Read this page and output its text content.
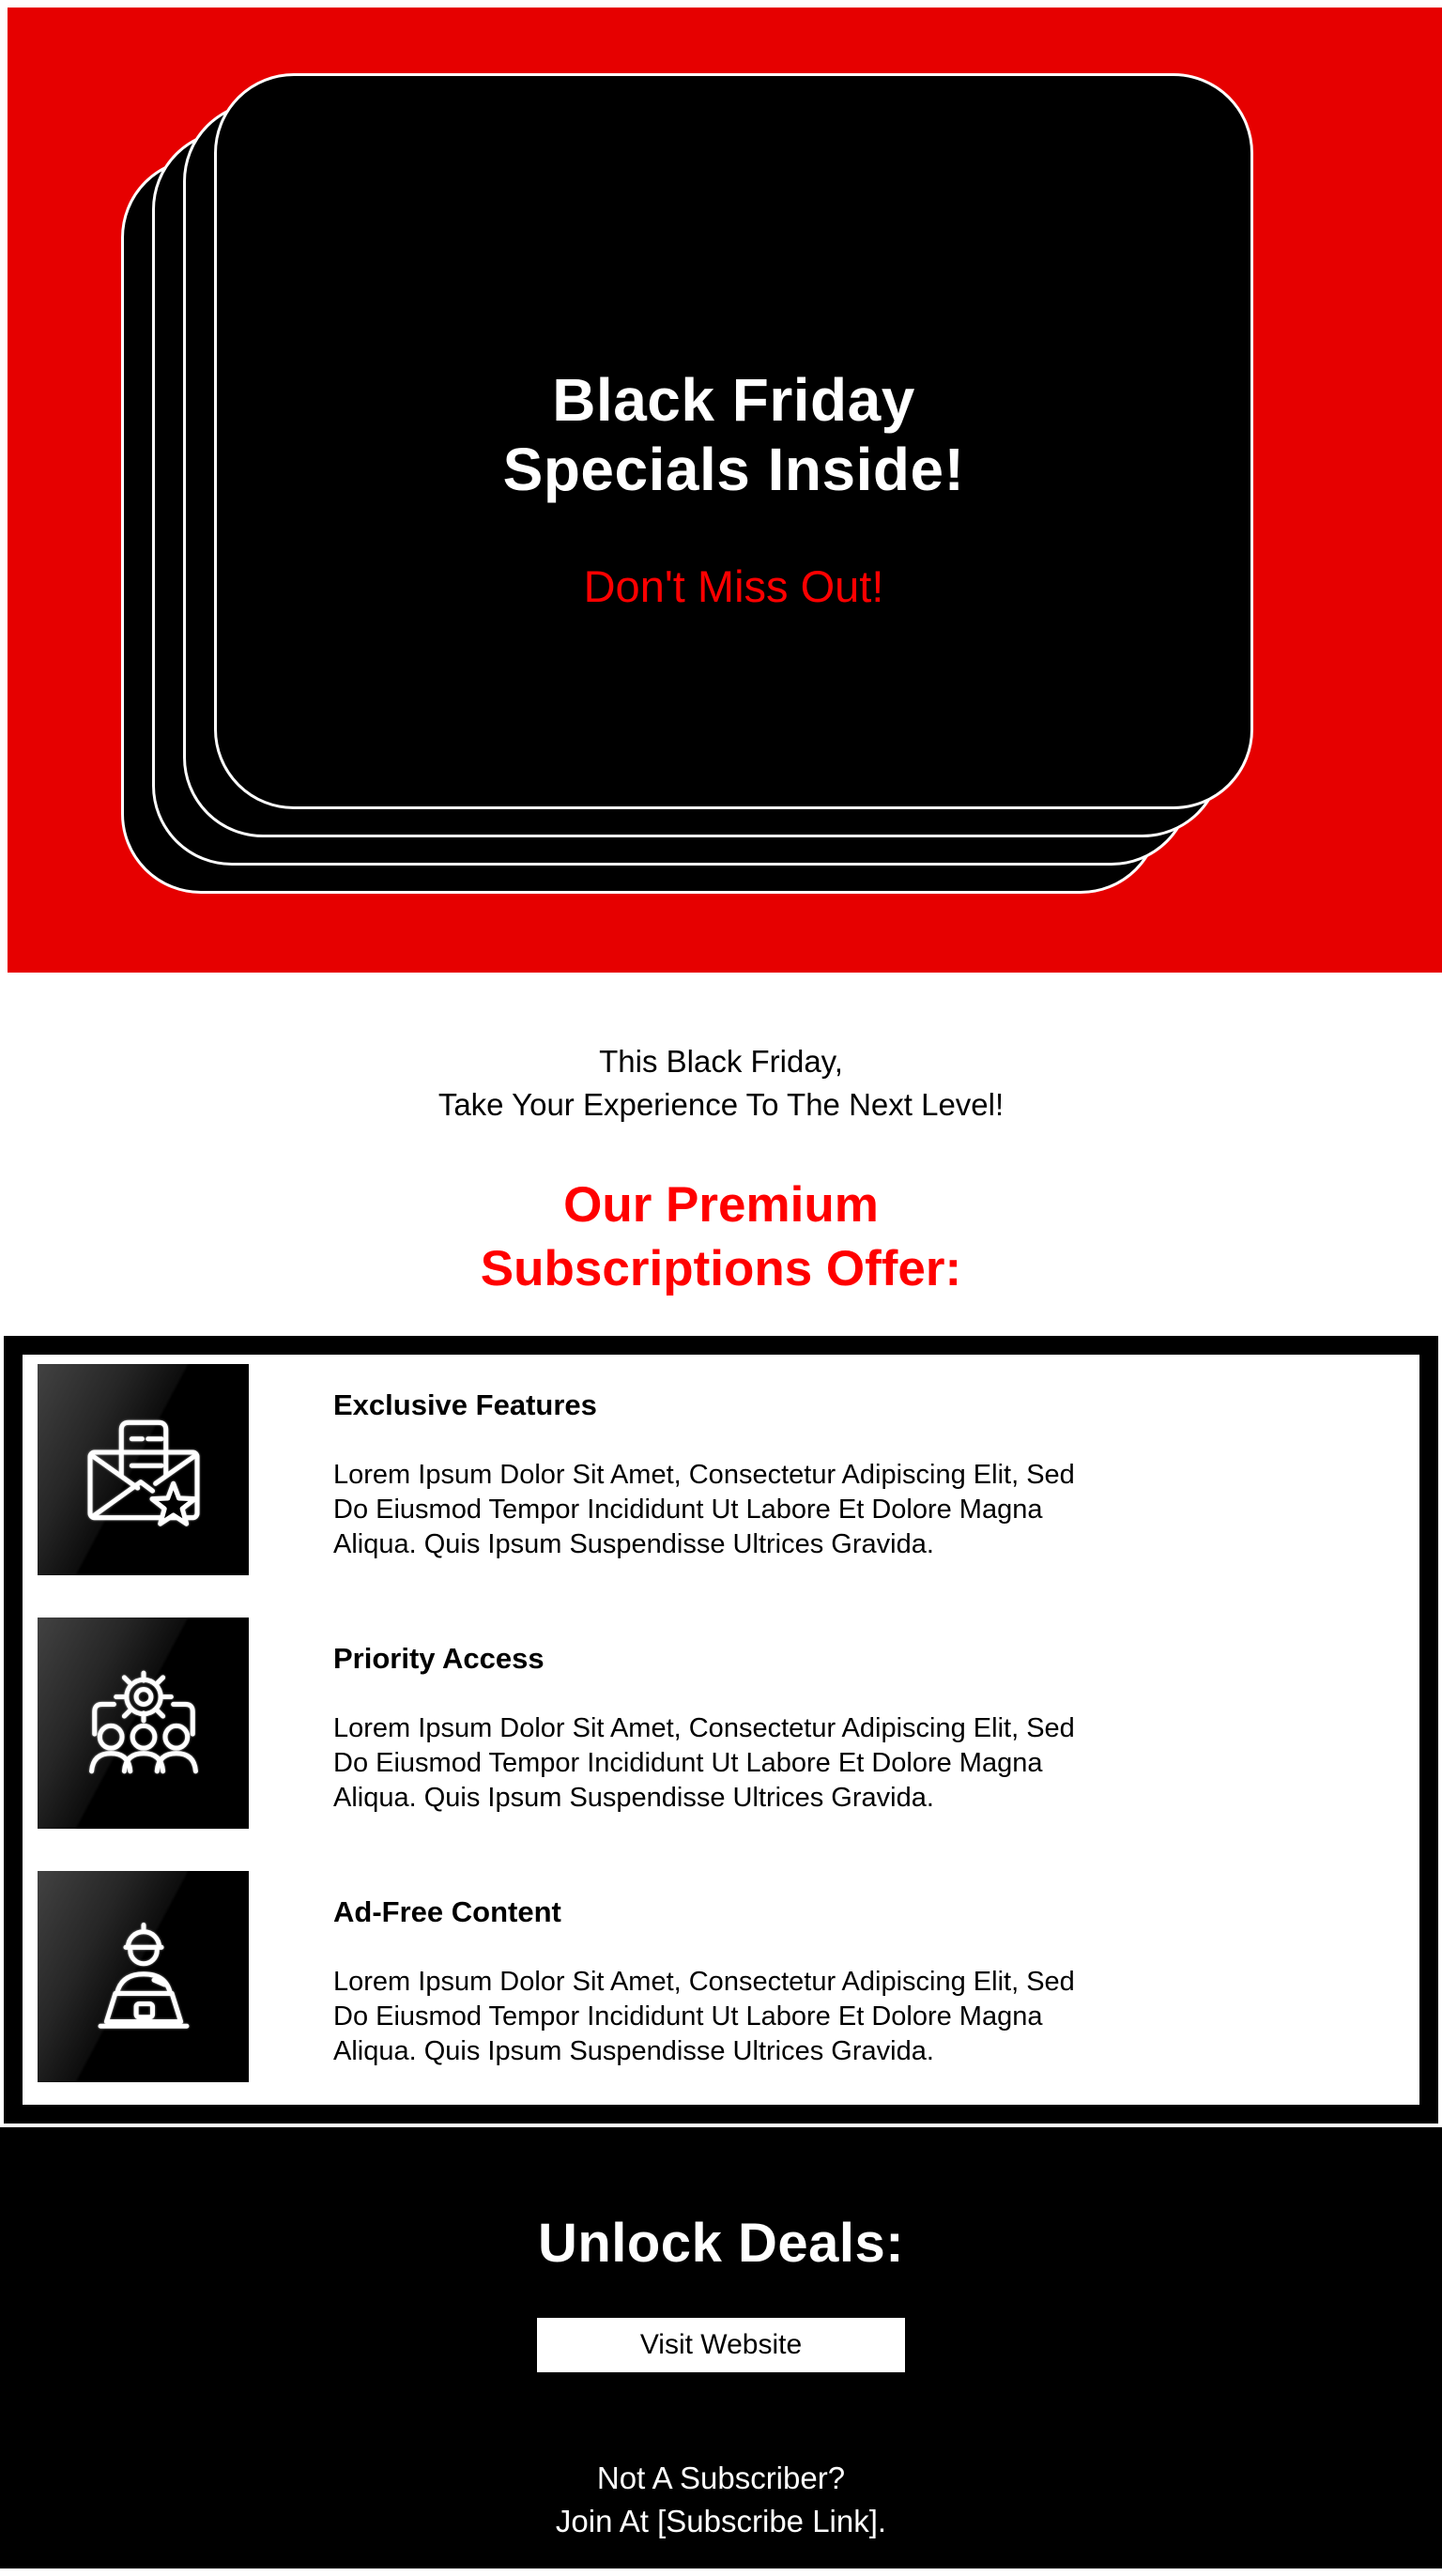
Black Friday
Specials Inside!
Don't Miss Out!
This Black Friday,
Take Your Experience To The Next Level!
Our Premium
Subscriptions Offer:
Exclusive Features
Lorem Ipsum Dolor Sit Amet, Consectetur Adipiscing Elit, Sed Do Eiusmod Tempor Incididunt Ut Labore Et Dolore Magna Aliqua. Quis Ipsum Suspendisse Ultrices Gravida.
Priority Access
Lorem Ipsum Dolor Sit Amet, Consectetur Adipiscing Elit, Sed Do Eiusmod Tempor Incididunt Ut Labore Et Dolore Magna Aliqua. Quis Ipsum Suspendisse Ultrices Gravida.
Ad-Free Content
Lorem Ipsum Dolor Sit Amet, Consectetur Adipiscing Elit, Sed Do Eiusmod Tempor Incididunt Ut Labore Et Dolore Magna Aliqua. Quis Ipsum Suspendisse Ultrices Gravida.
Unlock Deals:
Visit Website
Not A Subscriber?
Join At [Subscribe Link].
